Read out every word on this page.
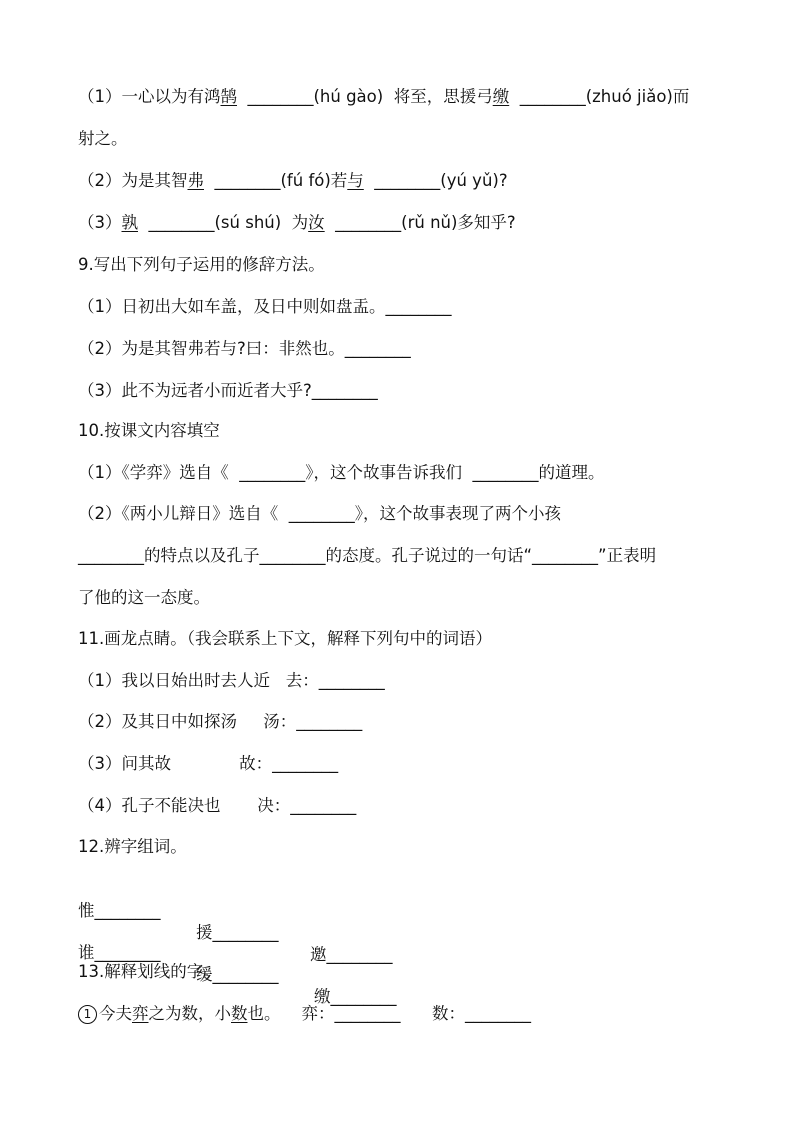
（1）一心以为有鸿鹄  ________(hú gào)  将至，思援弓缴  ________(zhuó jiǎo)而
射之。
（2）为是其智弗  ________(fú fó)若与  ________(yú yǔ)?
（3）孰  ________(sú shú)  为汝  ________(rǔ nǔ)多知乎?
9.写出下列句子运用的修辞方法。
（1）日初出大如车盖，及日中则如盘盂。________
（2）为是其智弗若与?曰：非然也。________
（3）此不为远者小而近者大乎?________
10.按课文内容填空
（1）《学弈》选自《  ________》，这个故事告诉我们  ________的道理。
（2）《两小儿辩日》选自《  ________》，这个故事表现了两个小孩
________的特点以及孔子________的态度。孔子说过的一句话“________”正表明
了他的这一态度。
11.画龙点睛。（我会联系上下文，解释下列句中的词语）
（1）我以日始出时去人近   去：________
（2）及其日中如探汤     汤：________
（3）问其故             故：________
（4）孔子不能决也       决：________
12.辨字组词。

惟________

援________

邀________

谁________

缓________

缴________

13.解释划线的字。
1 今夫弈之为数，小数也。    弈：________      数：________
